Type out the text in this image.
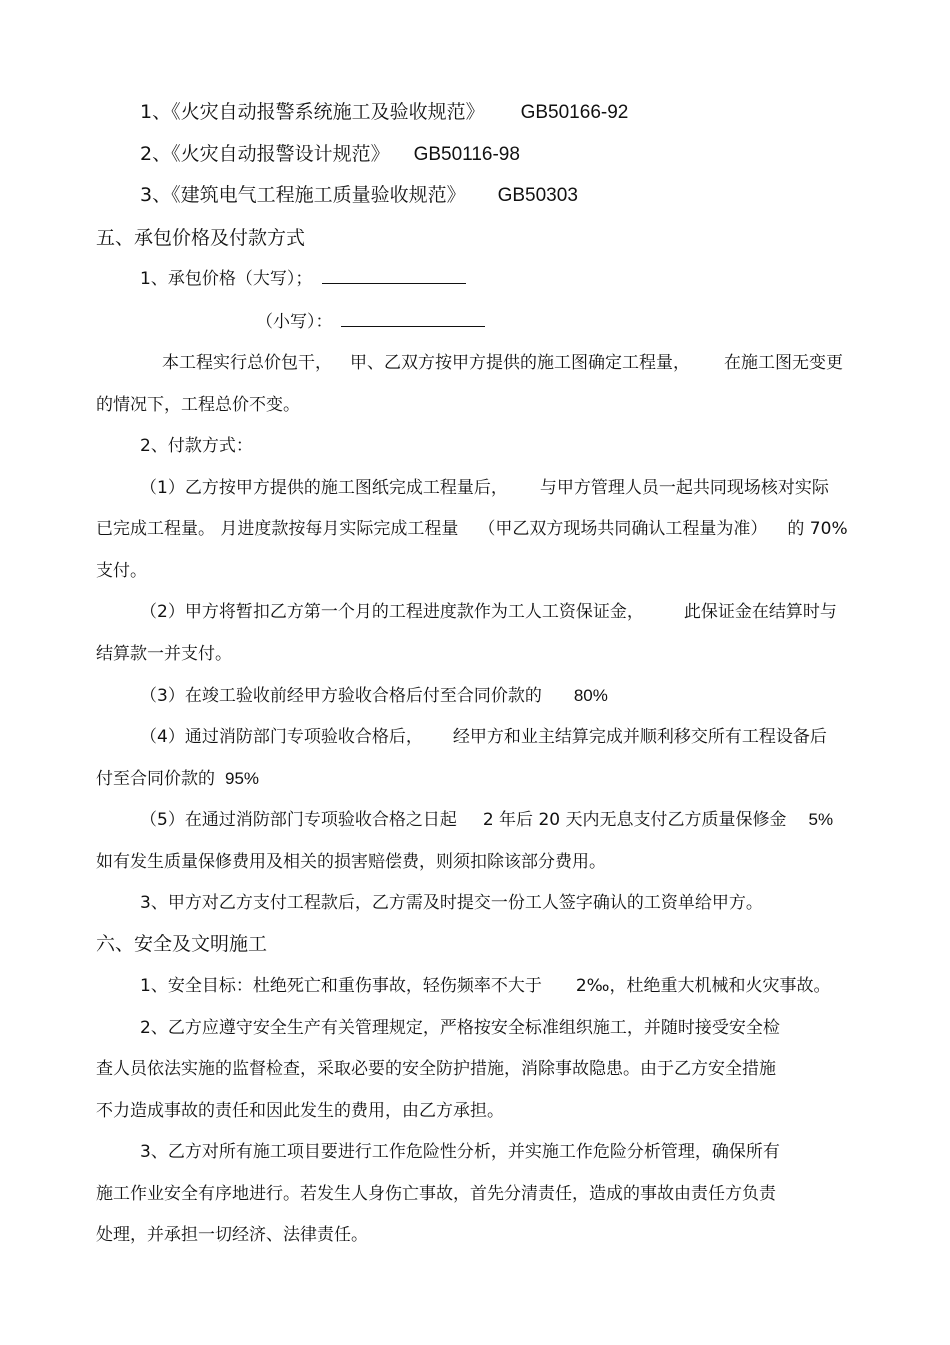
1、《火灾自动报警系统施工及验收规范》 GB50166-92
2、《火灾自动报警设计规范》 GB50116-98
3、《建筑电气工程施工质量验收规范》 GB50303
五、承包价格及付款方式
1、承包价格（大写）；
（小写）：
本工程实行总价包干， 甲、乙双方按甲方提供的施工图确定工程量， 在施工图无变更
的情况下，工程总价不变。
2、付款方式：
（1）乙方按甲方提供的施工图纸完成工程量后， 与甲方管理人员一起共同现场核对实际
已完成工程量。 月进度款按每月实际完成工程量 （甲乙双方现场共同确认工程量为准） 的 70%
支付。
（2）甲方将暂扣乙方第一个月的工程进度款作为工人工资保证金， 此保证金在结算时与
结算款一并支付。
（3）在竣工验收前经甲方验收合格后付至合同价款的 80%
（4）通过消防部门专项验收合格后， 经甲方和业主结算完成并顺利移交所有工程设备后
付至合同价款的 95%
（5）在通过消防部门专项验收合格之日起 2 年后 20 天内无息支付乙方质量保修金 5%
如有发生质量保修费用及相关的损害赔偿费，则须扣除该部分费用。
3、甲方对乙方支付工程款后，乙方需及时提交一份工人签字确认的工资单给甲方。
六、安全及文明施工
1、安全目标：杜绝死亡和重伤事故，轻伤频率不大于 2‰，杜绝重大机械和火灾事故。
2、乙方应遵守安全生产有关管理规定，严格按安全标准组织施工，并随时接受安全检
查人员依法实施的监督检查，采取必要的安全防护措施，消除事故隐患。由于乙方安全措施
不力造成事故的责任和因此发生的费用，由乙方承担。
3、乙方对所有施工项目要进行工作危险性分析，并实施工作危险分析管理，确保所有
施工作业安全有序地进行。若发生人身伤亡事故，首先分清责任，造成的事故由责任方负责
处理，并承担一切经济、法律责任。
